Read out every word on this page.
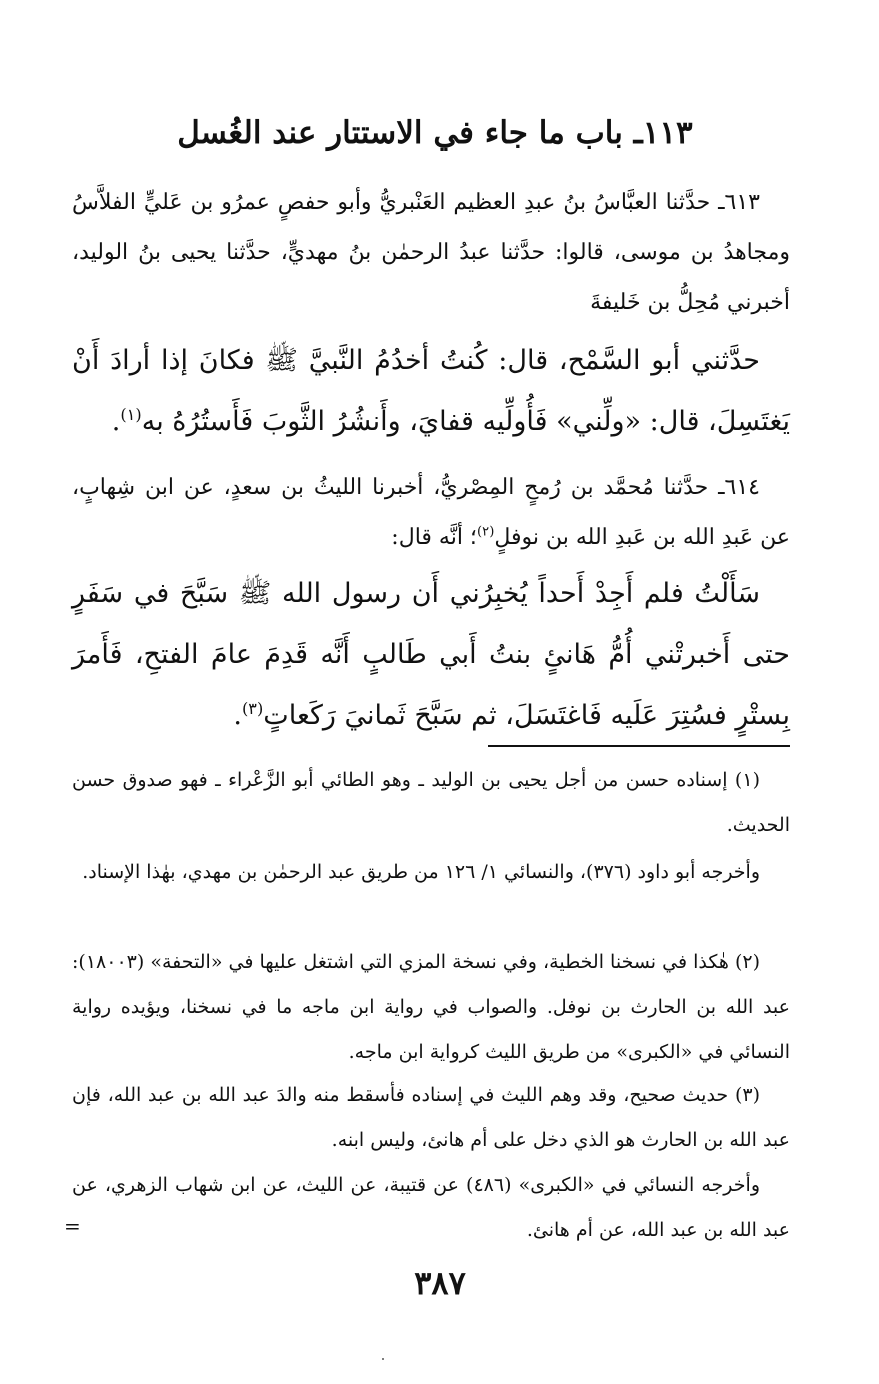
١١٣ـ باب ما جاء في الاستتار عند الغُسل

٦١٣ـ حدَّثنا العبَّاسُ بنُ عبدِ العظيم العَنْبريُّ وأبو حفصٍ عمرُو بن عَليٍّ الفلاَّسُ ومجاهدُ بن موسى، قالوا: حدَّثنا عبدُ الرحمٰن بنُ مهديٍّ، حدَّثنا يحيى بنُ الوليد، أخبرني مُحِلُّ بن خَليفةَ

حدَّثني أبو السَّمْح، قال: كُنتُ أخدُمُ النَّبيَّ ﷺ فكانَ إذا أرادَ أَنْ يَغتَسِلَ، قال: «ولِّني» فَأُولِّيه قفايَ، وأَنشُرُ الثَّوبَ فَأَستُرُهُ به$^{(١)}$.

٦١٤ـ حدَّثنا مُحمَّد بن رُمحٍ المِصْريُّ، أخبرنا الليثُ بن سعدٍ، عن ابن شِهابٍ، عن عَبدِ الله بن عَبدِ الله بن نوفلٍ$^{(٢)}$؛ أنَّه قال:

سَأَلْتُ فلم أَجِدْ أَحداً يُخبِرُني أَن رسول الله ﷺ سَبَّحَ في سَفَرٍ حتى أَخبرتْني أُمُّ هَانئٍ بنتُ أَبي طَالبٍ أَنَّه قَدِمَ عامَ الفتحِ، فَأَمرَ بِستْرٍ فسُتِرَ عَلَيه فَاغتَسَلَ، ثم سَبَّحَ ثَمانيَ رَكَعاتٍ$^{(٣)}$.

(١) إسناده حسن من أجل يحيى بن الوليد ـ وهو الطائي أبو الزَّعْراء ـ فهو صدوق حسن الحديث.

وأخرجه أبو داود (٣٧٦)، والنسائي ١/ ١٢٦ من طريق عبد الرحمٰن بن مهدي، بهٰذا الإسناد.

(٢) هٰكذا في نسخنا الخطية، وفي نسخة المزي التي اشتغل عليها في «التحفة» (١٨٠٠٣): عبد الله بن الحارث بن نوفل. والصواب في رواية ابن ماجه ما في نسخنا، ويؤيده رواية النسائي في «الكبرى» من طريق الليث كرواية ابن ماجه.

(٣) حديث صحيح، وقد وهم الليث في إسناده فأسقط منه والدَ عبد الله بن عبد الله، فإن عبد الله بن الحارث هو الذي دخل على أم هانئ، وليس ابنه.

وأخرجه النسائي في «الكبرى» (٤٨٦) عن قتيبة، عن الليث، عن ابن شهاب الزهري، عن عبد الله بن عبد الله، عن أم هانئ.

=
٣٨٧
